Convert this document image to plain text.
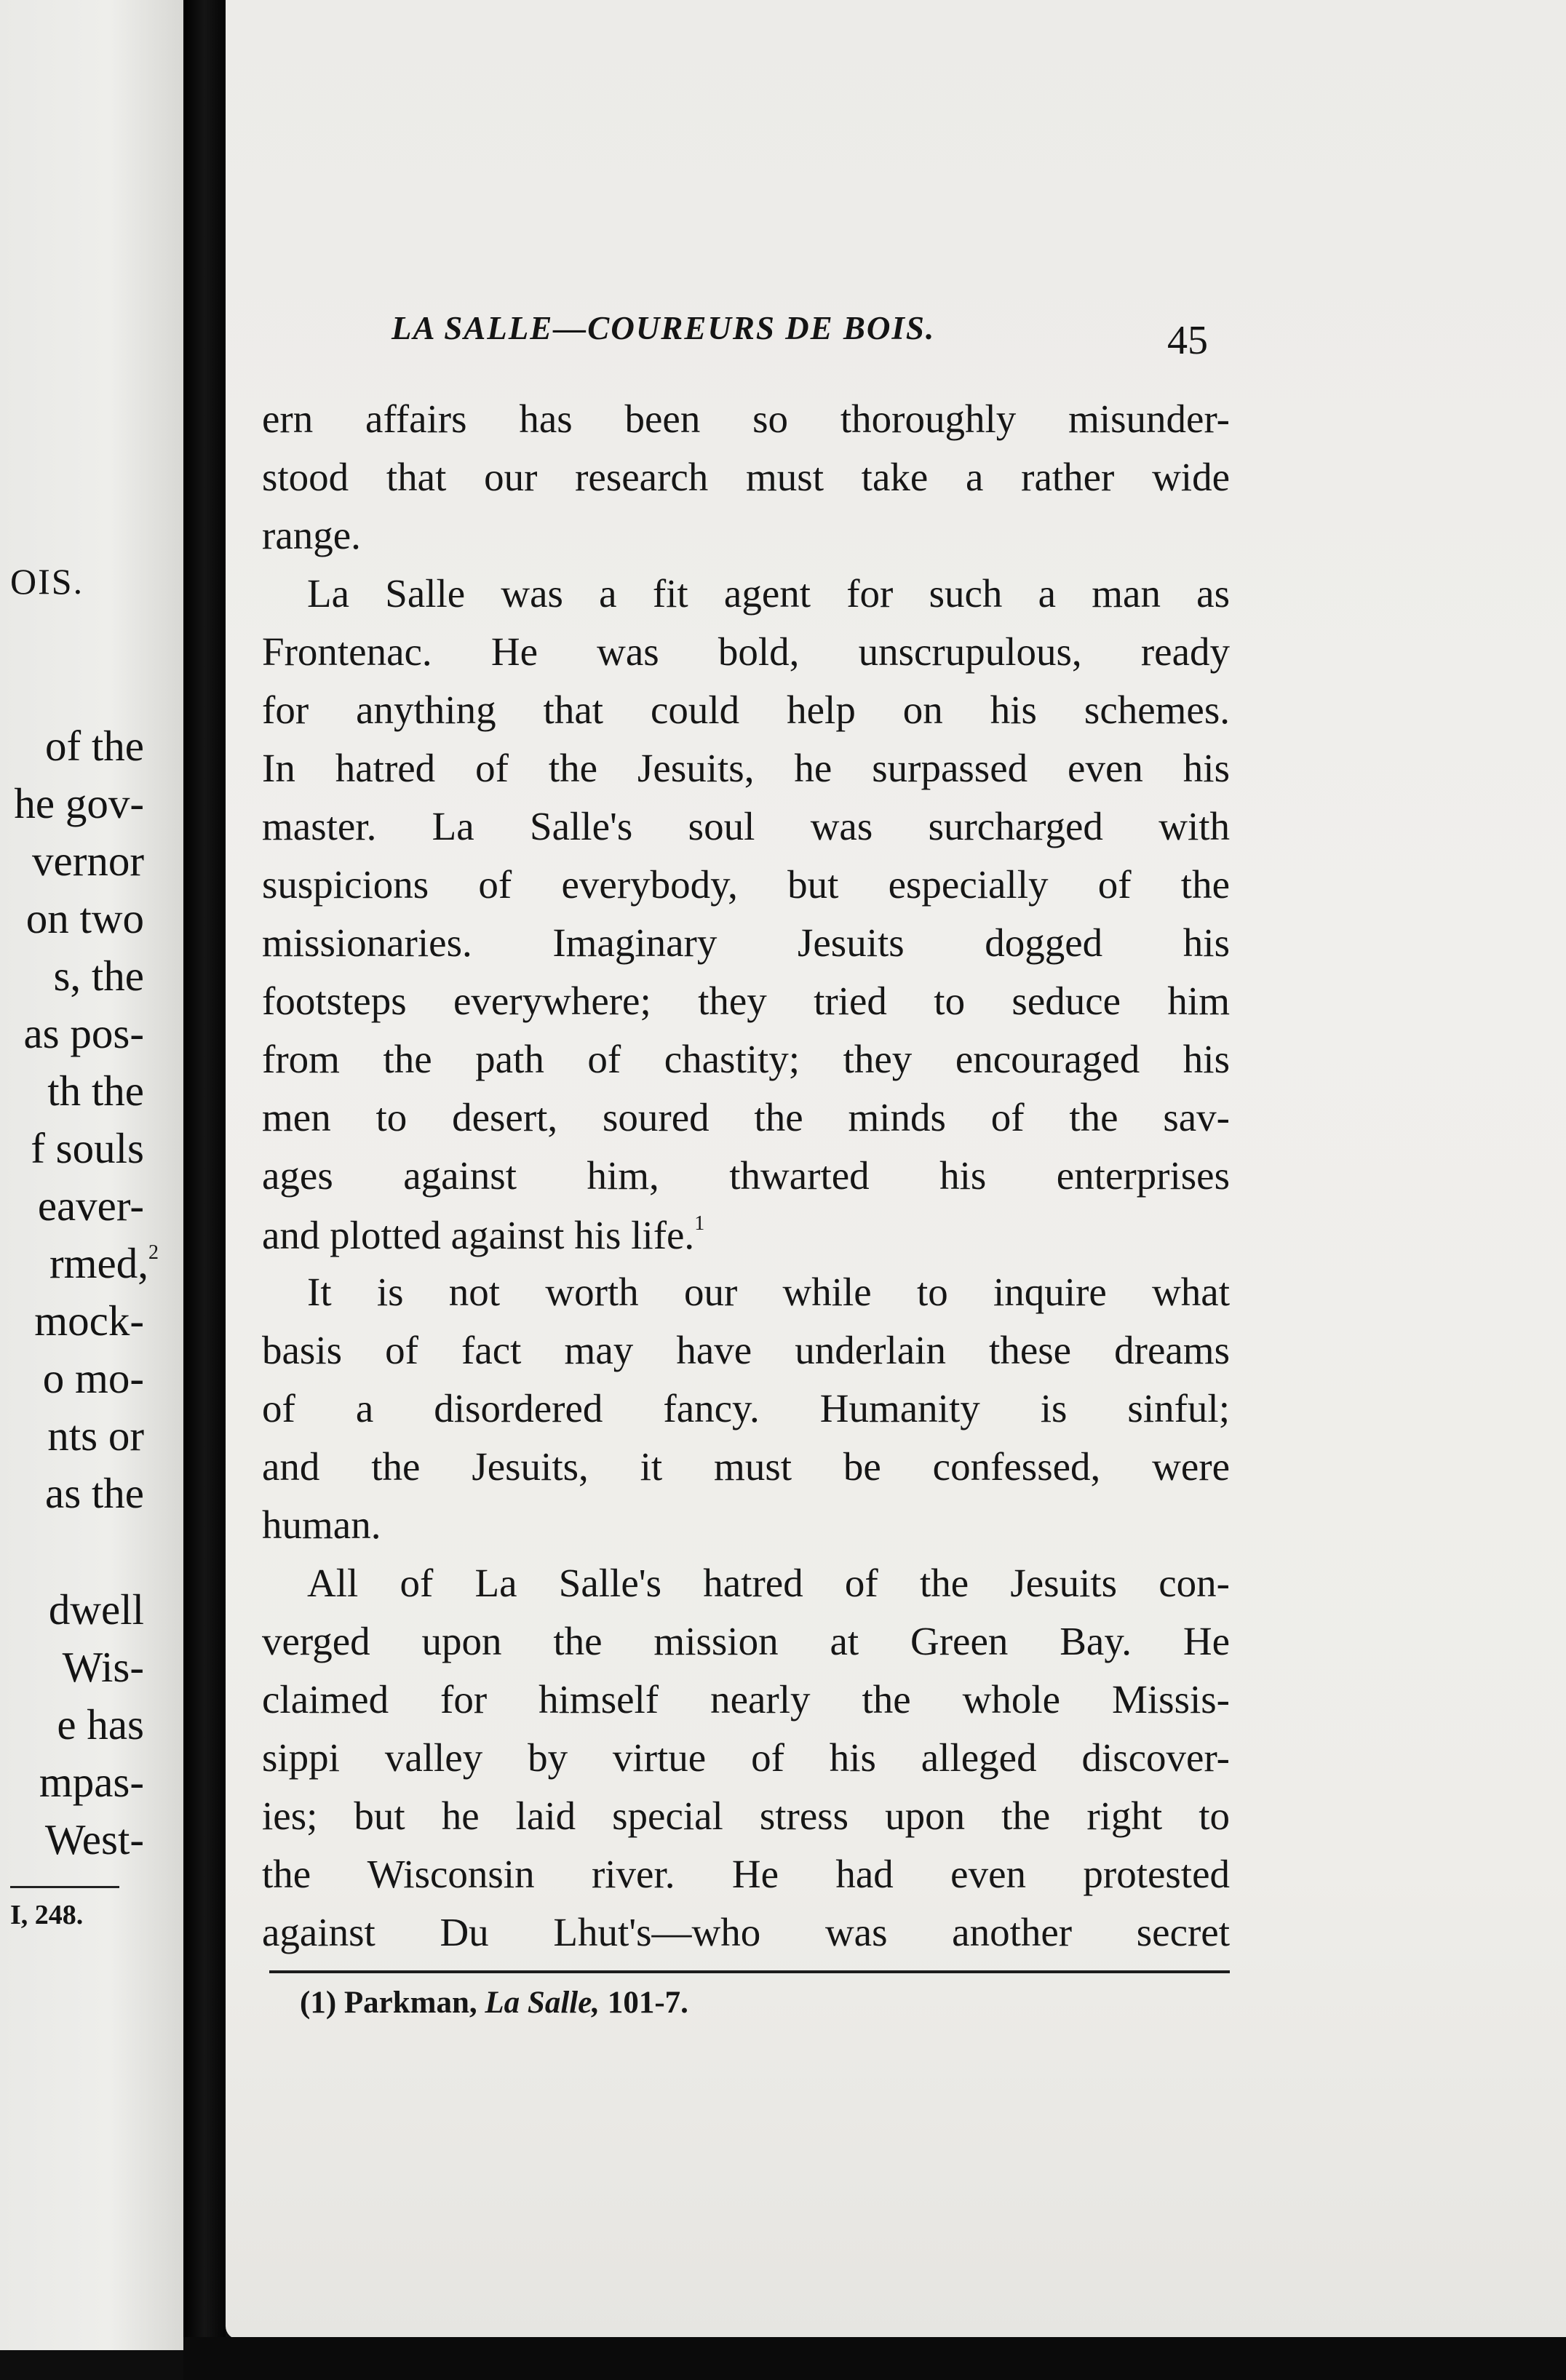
OIS.
of the
he gov-
vernor
on two
s, the
as pos-
th the
f souls
eaver-
rmed,$^2$
mock-
o mo-
nts or
as the
dwell
Wis-
e has
mpas-
West-
I, 248.
LA SALLE—COUREURS DE BOIS.	45
ern affairs has been so thoroughly misunder-
stood that our research must take a rather wide
range.
La Salle was a fit agent for such a man as
Frontenac. He was bold, unscrupulous, ready
for anything that could help on his schemes.
In hatred of the Jesuits, he surpassed even his
master. La Salle's soul was surcharged with
suspicions of everybody, but especially of the
missionaries. Imaginary Jesuits dogged his
footsteps everywhere; they tried to seduce him
from the path of chastity; they encouraged his
men to desert, soured the minds of the sav-
ages against him, thwarted his enterprises
and plotted against his life.$^1$
It is not worth our while to inquire what
basis of fact may have underlain these dreams
of a disordered fancy. Humanity is sinful;
and the Jesuits, it must be confessed, were
human.
All of La Salle's hatred of the Jesuits con-
verged upon the mission at Green Bay. He
claimed for himself nearly the whole Missis-
sippi valley by virtue of his alleged discover-
ies; but he laid special stress upon the right to
the Wisconsin river. He had even protested
against Du Lhut's—who was another secret
(1) Parkman, La Salle, 101-7.
